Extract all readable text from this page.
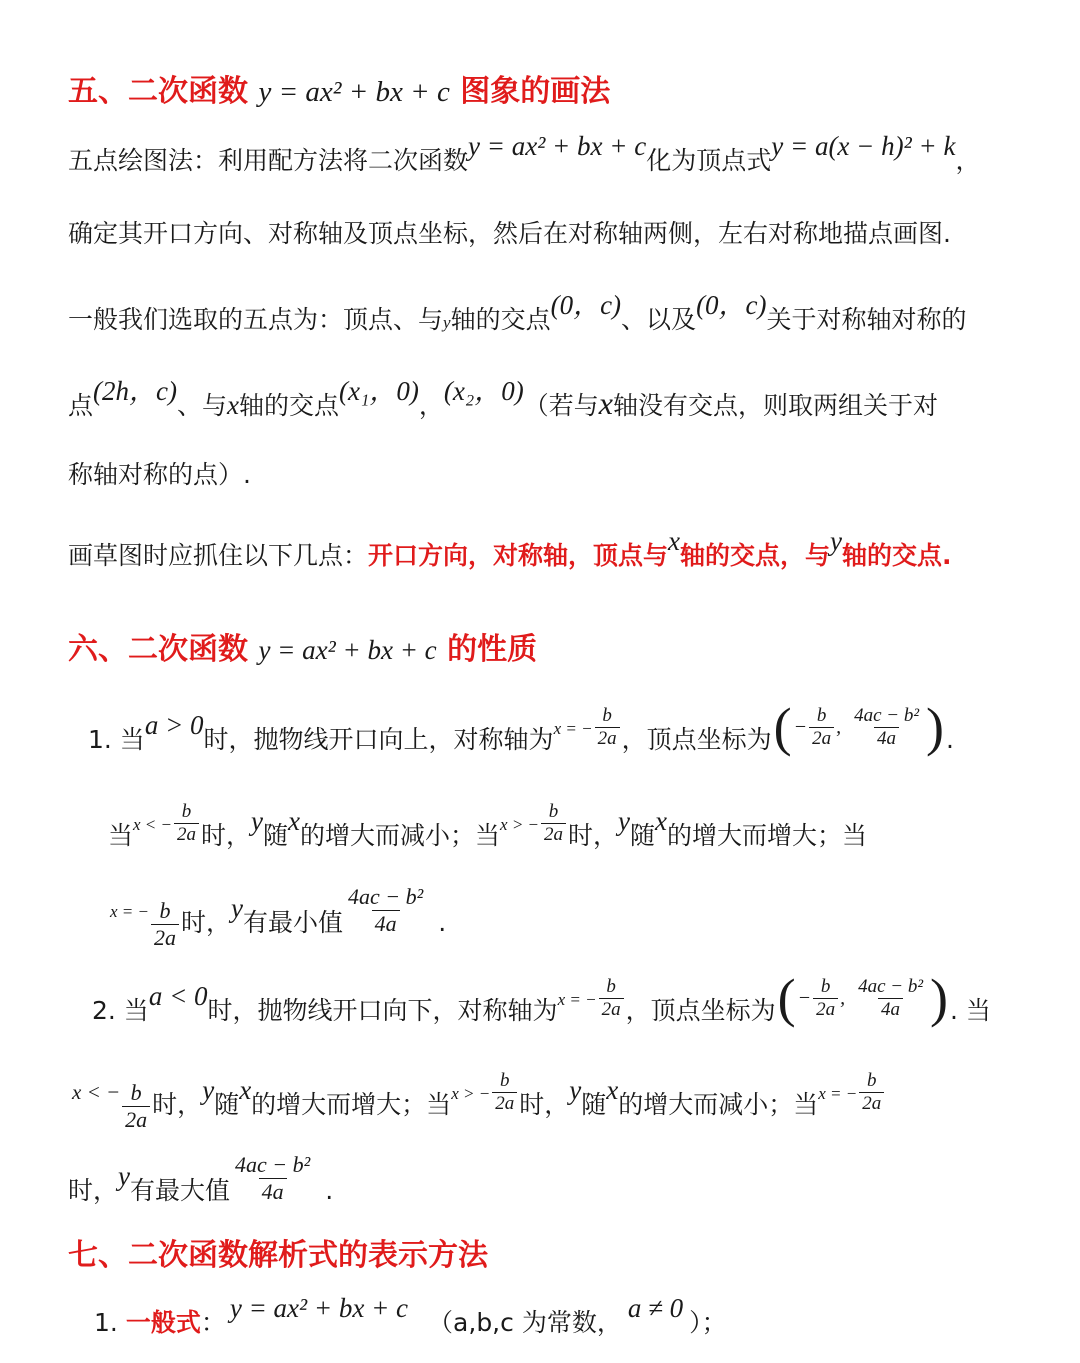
五、二次函数 y = ax² + bx + c 图象的画法
五点绘图法：利用配方法将二次函数y = ax² + bx + c化为顶点式y = a(x − h)² + k，
确定其开口方向、对称轴及顶点坐标，然后在对称轴两侧，左右对称地描点画图.
一般我们选取的五点为：顶点、与y轴的交点(0，c)、以及(0，c)关于对称轴对称的
点(2h，c)、与x轴的交点(x₁，0)，(x₂，0)（若与x轴没有交点，则取两组关于对
称轴对称的点）.
画草图时应抓住以下几点：开口方向，对称轴，顶点与x轴的交点，与y轴的交点.
六、二次函数 y = ax² + bx + c 的性质
1. 当a > 0时，抛物线开口向上，对称轴为$^{x = -} \frac{b}{2a}$ ，顶点坐标为 ( − $\frac{b}{2a}$ , $\frac{\text{4ac − b²}}{4a}$ ) .
当$^{x < -} \frac{b}{2a}$ 时，y随x的增大而减小；当$^{x > -} \frac{b}{2a}$ 时，y随x的增大而增大；当
$^{x = -} \frac{b}{2a}$ 时，y有最小值 $\frac{\text{4ac − b²}}{4a}$ .
2. 当a < 0时，抛物线开口向下，对称轴为$^{x = -} \frac{b}{2a}$ ，顶点坐标为 ( − $\frac{b}{2a}$ , $\frac{\text{4ac − b²}}{4a}$ ) . 当
$^{x < -} \frac{b}{2a}$ 时，y随x的增大而增大；当$^{x > -} \frac{b}{2a}$ 时，y随x的增大而减小；当$^{x = -} \frac{b}{2a}$
时，y有最大值 $\frac{\text{4ac − b²}}{4a}$ .
七、二次函数解析式的表示方法
1. 一般式： y = ax² + bx + c （a,b,c 为常数， a ≠ 0 ）；
